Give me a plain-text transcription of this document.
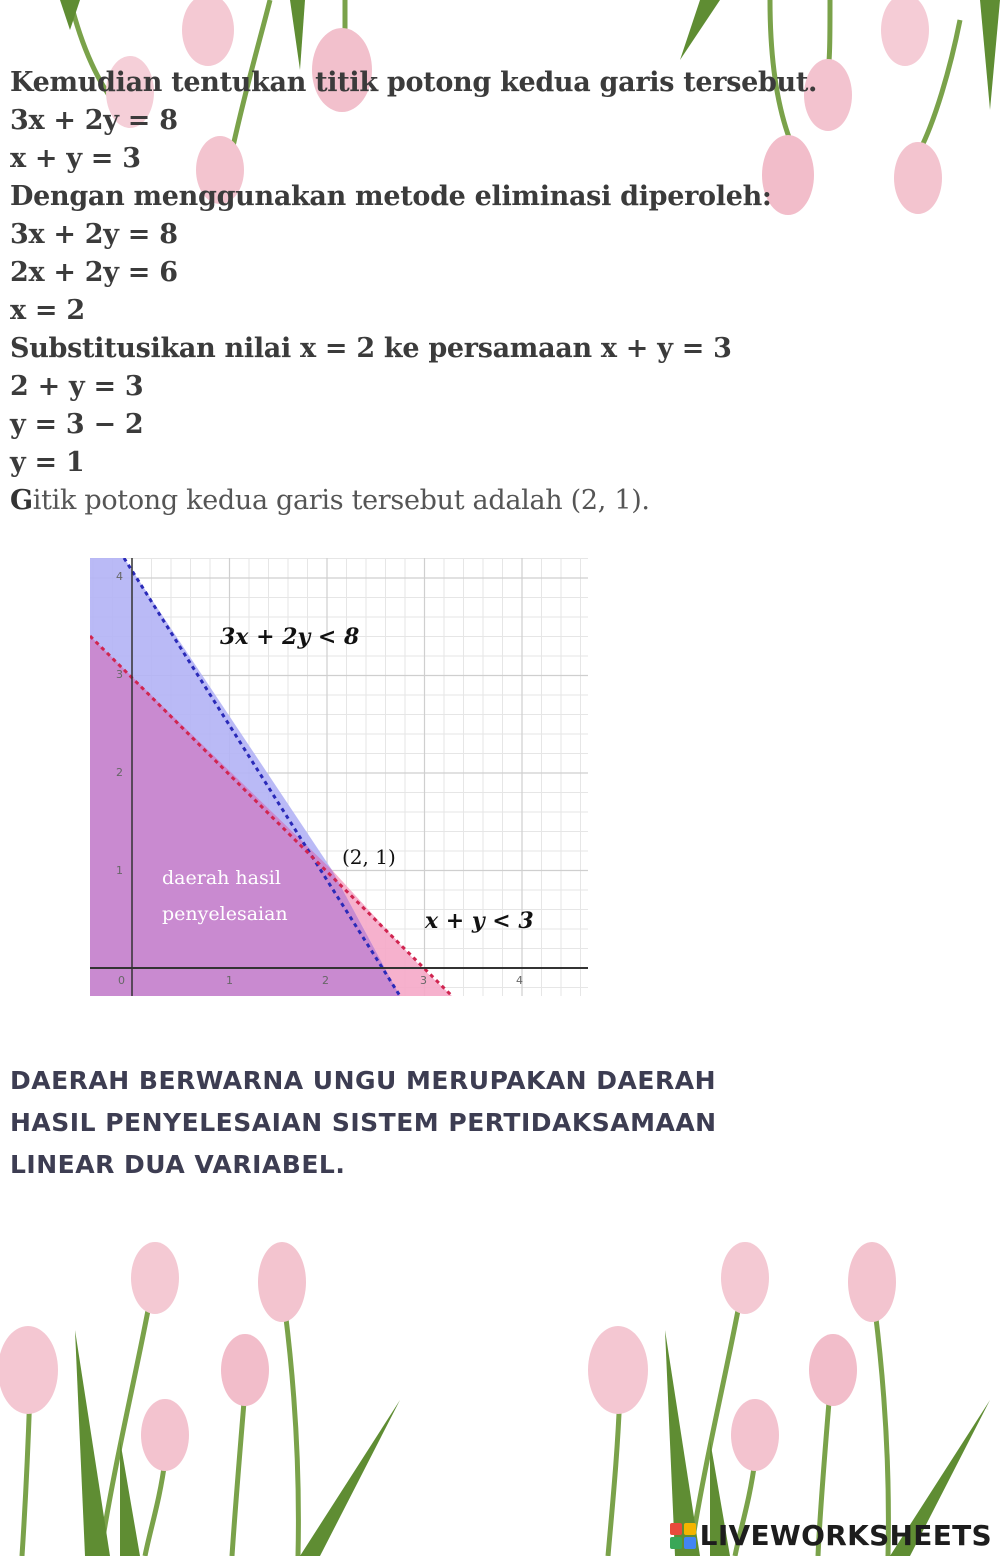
Kemudian tentukan titik potong kedua garis tersebut.
3x + 2y = 8
x + y = 3
Dengan menggunakan metode eliminasi diperoleh:
3x + 2y = 8
2x + 2y = 6
x = 2
Substitusikan nilai x = 2 ke persamaan x + y = 3
2 + y = 3
y = 3 − 2
y = 1
Gitik potong kedua garis tersebut adalah (2, 1).
0	1	2	3	4
1
2
3
4
3x + 2y < 8
x + y < 3
(2, 1)
daerah hasil
penyelesaian
DAERAH BERWARNA UNGU MERUPAKAN DAERAH
HASIL PENYELESAIAN SISTEM PERTIDAKSAMAAN
LINEAR DUA VARIABEL.
LIVEWORKSHEETS
